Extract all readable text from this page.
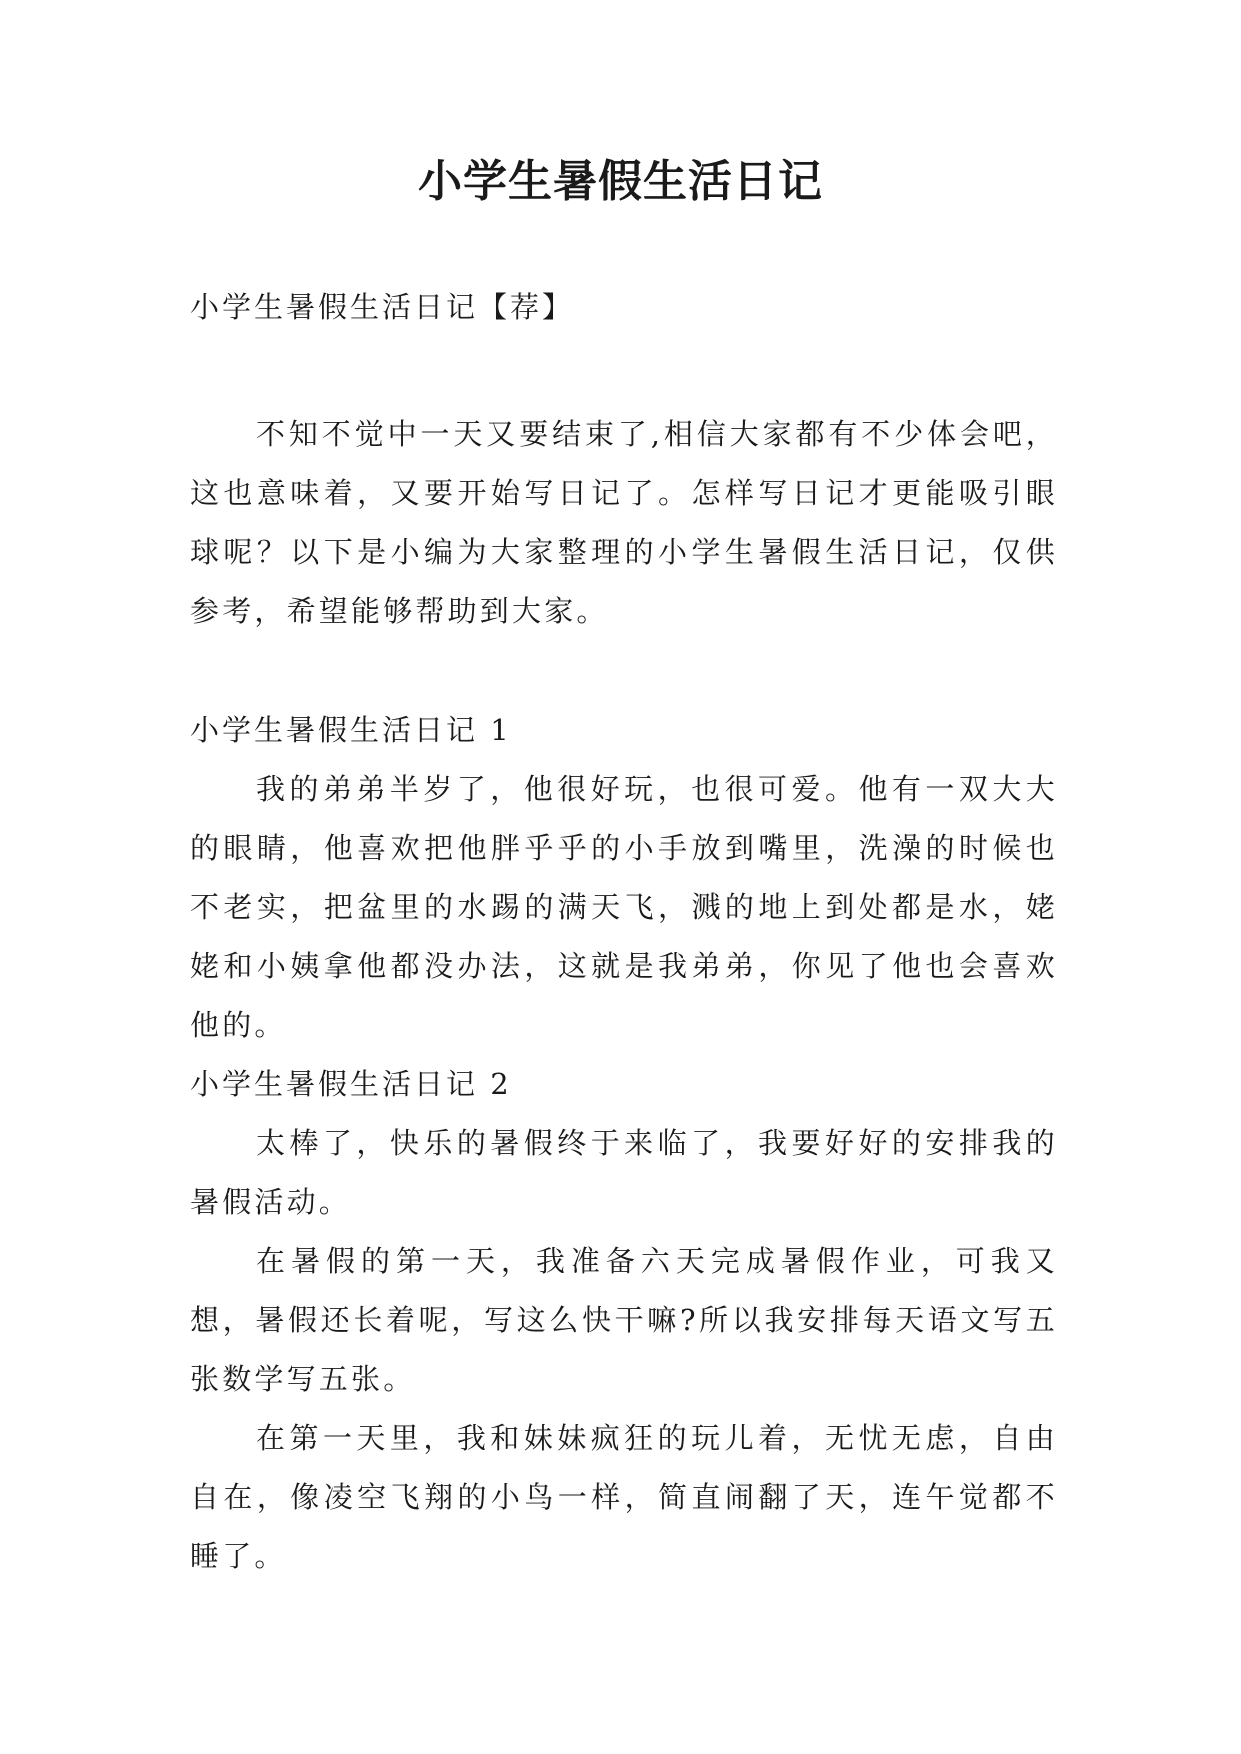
小学生暑假生活日记
小学生暑假生活日记【荐】

不知不觉中一天又要结束了,相信大家都有不少体会吧，这也意味着，又要开始写日记了。怎样写日记才更能吸引眼球呢？以下是小编为大家整理的小学生暑假生活日记，仅供参考，希望能够帮助到大家。

小学生暑假生活日记 1

我的弟弟半岁了，他很好玩，也很可爱。他有一双大大的眼睛，他喜欢把他胖乎乎的小手放到嘴里，洗澡的时候也不老实，把盆里的水踢的满天飞，溅的地上到处都是水，姥姥和小姨拿他都没办法，这就是我弟弟，你见了他也会喜欢他的。

小学生暑假生活日记 2

太棒了，快乐的暑假终于来临了，我要好好的安排我的暑假活动。

在暑假的第一天，我准备六天完成暑假作业，可我又想，暑假还长着呢，写这么快干嘛?所以我安排每天语文写五张数学写五张。

在第一天里，我和妹妹疯狂的玩儿着，无忧无虑，自由自在，像凌空飞翔的小鸟一样，简直闹翻了天，连午觉都不睡了。
